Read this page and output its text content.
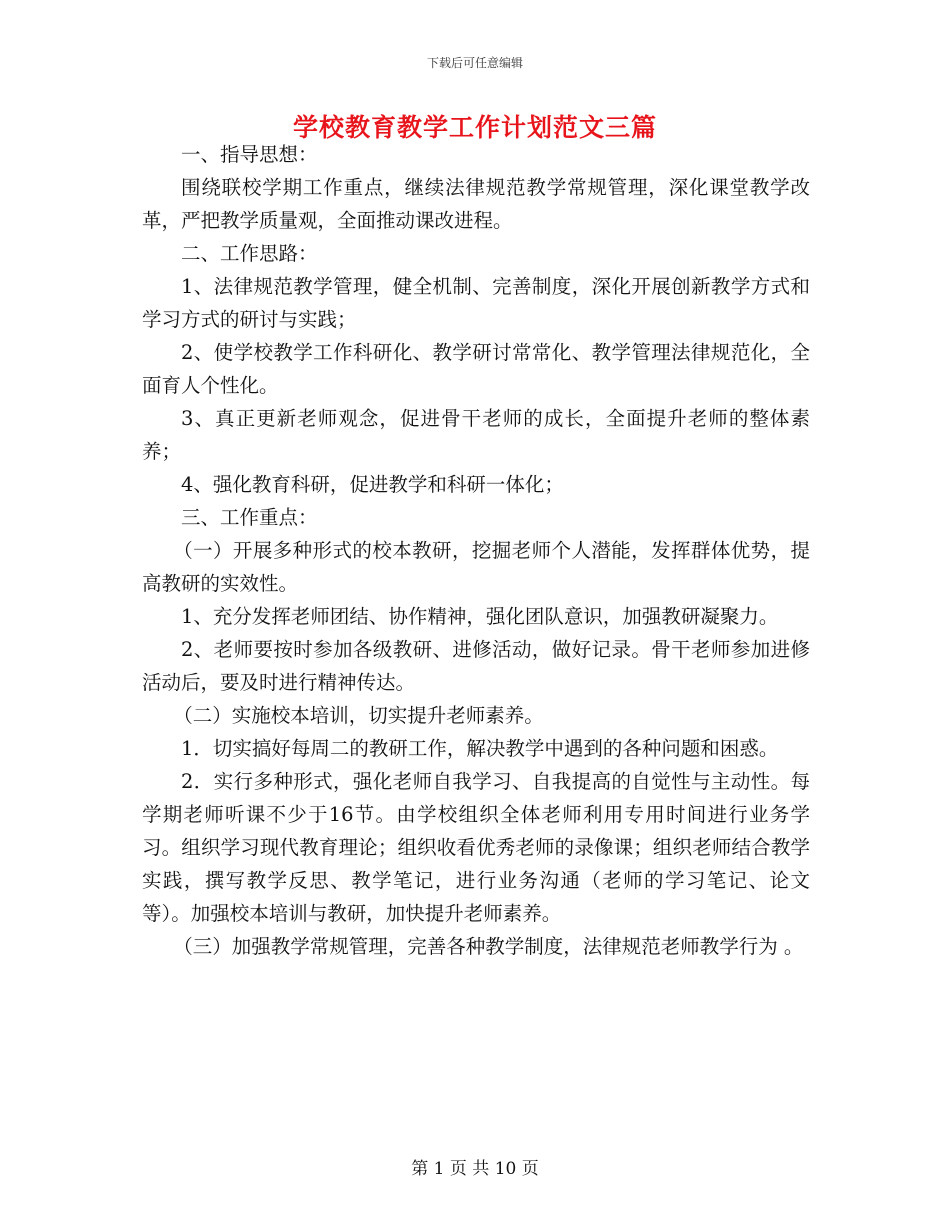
下载后可任意编辑
学校教育教学工作计划范文三篇

一、指导思想：

围绕联校学期工作重点，继续法律规范教学常规管理，深化课堂教学改革，严把教学质量观，全面推动课改进程。

二、工作思路：

1、法律规范教学管理，健全机制、完善制度，深化开展创新教学方式和学习方式的研讨与实践；

2、使学校教学工作科研化、教学研讨常常化、教学管理法律规范化，全面育人个性化。

3、真正更新老师观念，促进骨干老师的成长，全面提升老师的整体素养；

4、强化教育科研，促进教学和科研一体化；

三、工作重点：

（一）开展多种形式的校本教研，挖掘老师个人潜能，发挥群体优势，提高教研的实效性。

1、充分发挥老师团结、协作精神，强化团队意识，加强教研凝聚力。

2、老师要按时参加各级教研、进修活动，做好记录。骨干老师参加进修活动后，要及时进行精神传达。

（二）实施校本培训，切实提升老师素养。

1．切实搞好每周二的教研工作，解决教学中遇到的各种问题和困惑。

2．实行多种形式，强化老师自我学习、自我提高的自觉性与主动性。每学期老师听课不少于16节。由学校组织全体老师利用专用时间进行业务学习。组织学习现代教育理论；组织收看优秀老师的录像课；组织老师结合教学实践，撰写教学反思、教学笔记，进行业务沟通（老师的学习笔记、论文等）。加强校本培训与教研，加快提升老师素养。

（三）加强教学常规管理，完善各种教学制度，法律规范老师教学行为 。

第 1 页 共 10 页
